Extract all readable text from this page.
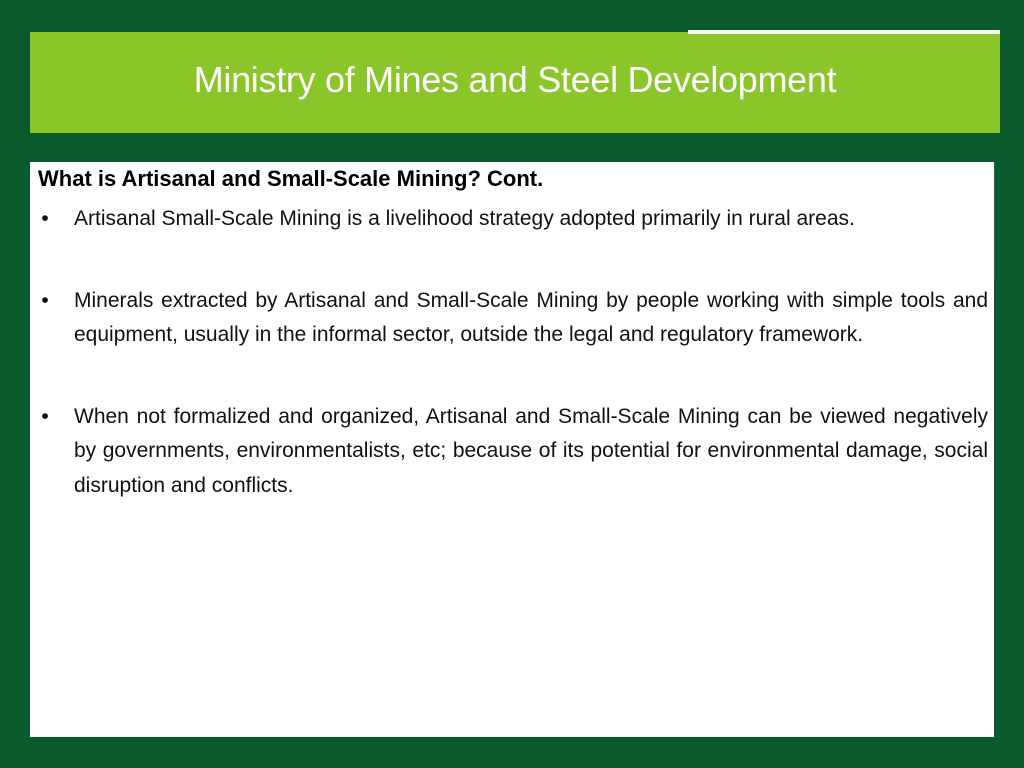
Ministry of Mines and Steel Development
What is Artisanal and Small-Scale Mining? Cont.
• Artisanal Small-Scale Mining is a livelihood strategy adopted primarily in rural areas.
• Minerals extracted by Artisanal and Small-Scale Mining by people working with simple tools and equipment, usually in the informal sector, outside the legal and regulatory framework.
• When not formalized and organized, Artisanal and Small-Scale Mining can be viewed negatively by governments, environmentalists, etc; because of its potential for environmental damage, social disruption and conflicts.
